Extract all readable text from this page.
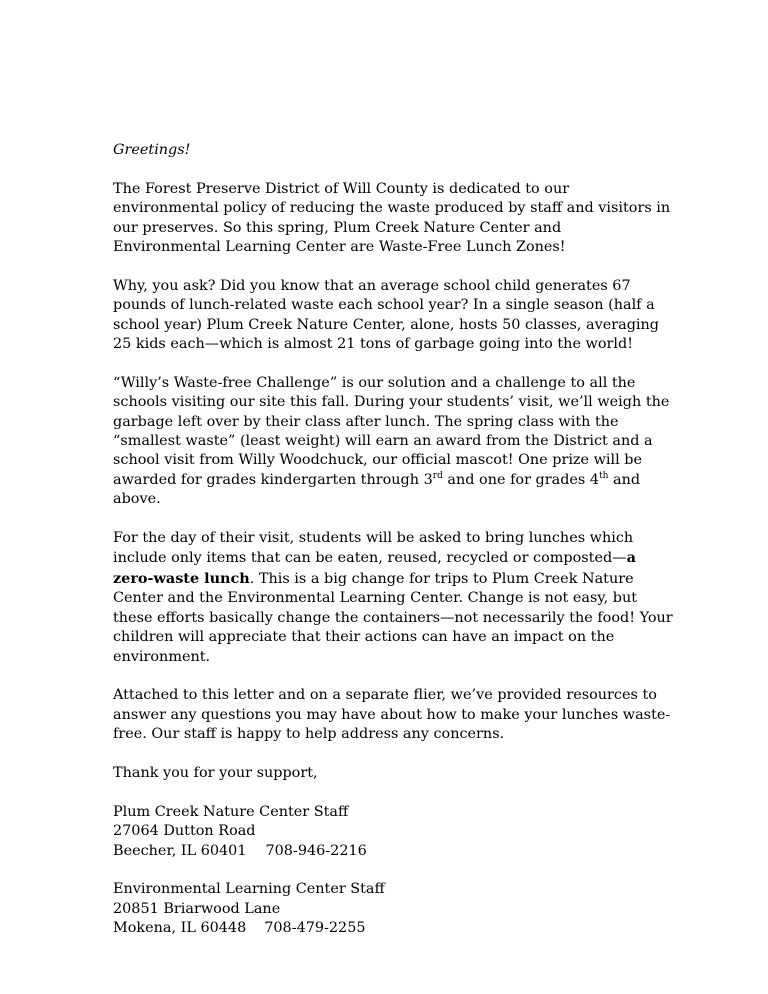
Greetings!

The Forest Preserve District of Will County is dedicated to our environmental policy of reducing the waste produced by staff and visitors in our preserves. So this spring, Plum Creek Nature Center and Environmental Learning Center are Waste-Free Lunch Zones!

Why, you ask? Did you know that an average school child generates 67 pounds of lunch-related waste each school year? In a single season (half a school year) Plum Creek Nature Center, alone, hosts 50 classes, averaging 25 kids each—which is almost 21 tons of garbage going into the world!

“Willy’s Waste-free Challenge” is our solution and a challenge to all the schools visiting our site this fall. During your students’ visit, we’ll weigh the garbage left over by their class after lunch. The spring class with the “smallest waste” (least weight) will earn an award from the District and a school visit from Willy Woodchuck, our official mascot! One prize will be awarded for grades kindergarten through 3rd and one for grades 4th and above.

For the day of their visit, students will be asked to bring lunches which include only items that can be eaten, reused, recycled or composted—a zero-waste lunch. This is a big change for trips to Plum Creek Nature Center and the Environmental Learning Center. Change is not easy, but these efforts basically change the containers—not necessarily the food! Your children will appreciate that their actions can have an impact on the environment.

Attached to this letter and on a separate flier, we’ve provided resources to answer any questions you may have about how to make your lunches waste-free. Our staff is happy to help address any concerns.

Thank you for your support,

Plum Creek Nature Center Staff
27064 Dutton Road
Beecher, IL 60401 708-946-2216
Environmental Learning Center Staff
20851 Briarwood Lane
Mokena, IL 60448 708-479-2255
